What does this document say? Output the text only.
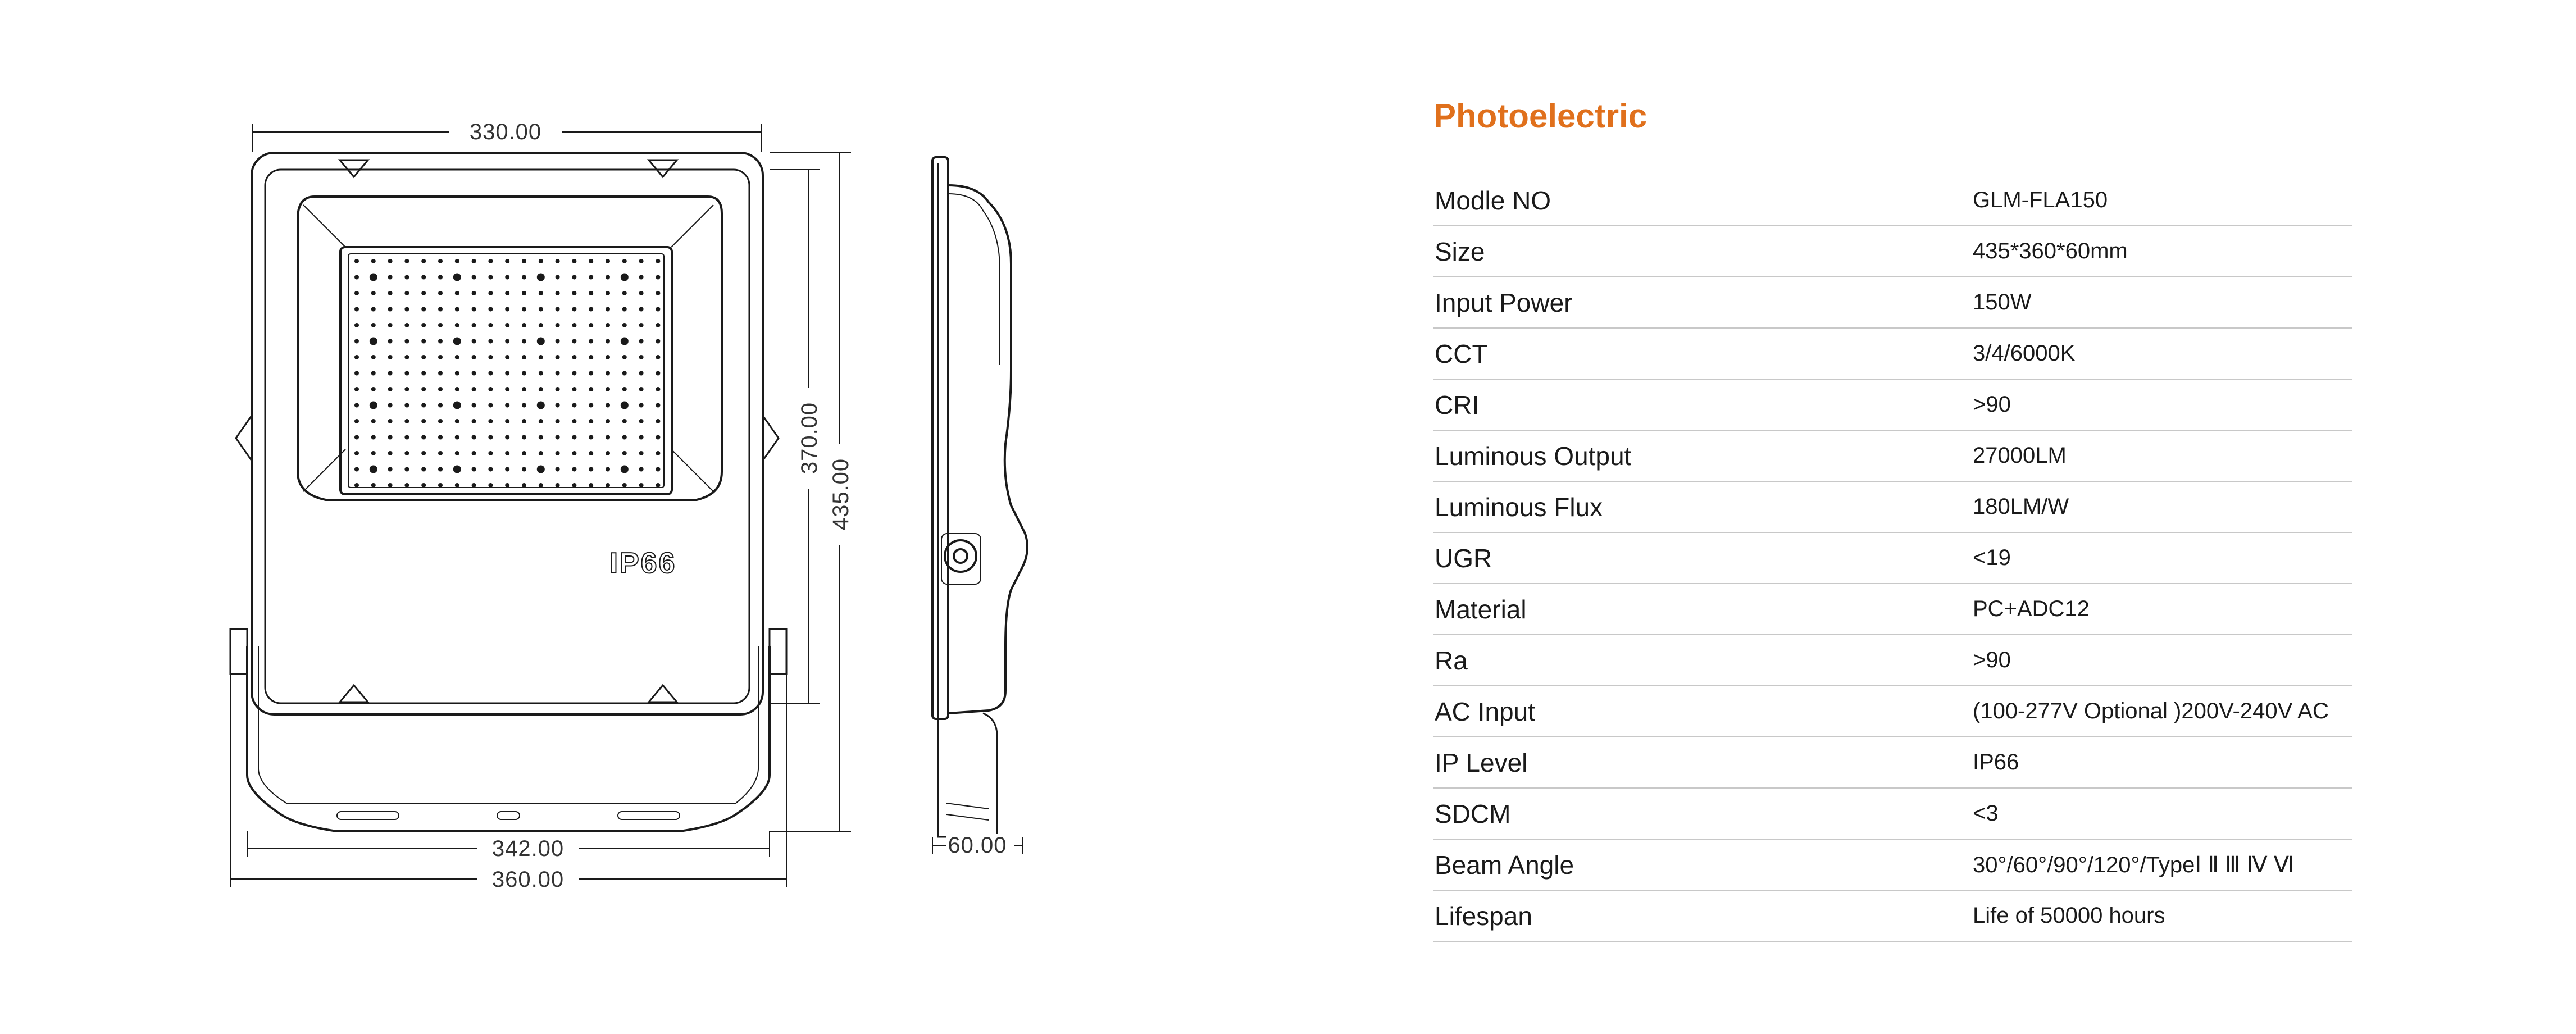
330.00
342.00
360.00
370.00
435.00
IP66
60.00
Photoelectric
Modle NO	GLM-FLA150
Size	435*360*60mm
Input Power	150W
CCT	3/4/6000K
CRI	>90
Luminous Output	27000LM
Luminous Flux	180LM/W
UGR	<19
Material	PC+ADC12
Ra	>90
AC Input	(100-277V Optional )200V-240V AC
IP Level	IP66
SDCM	<3
Beam Angle	30°/60°/90°/120°/TypeⅠ Ⅱ Ⅲ Ⅳ Ⅵ
Lifespan	Life of 50000 hours
